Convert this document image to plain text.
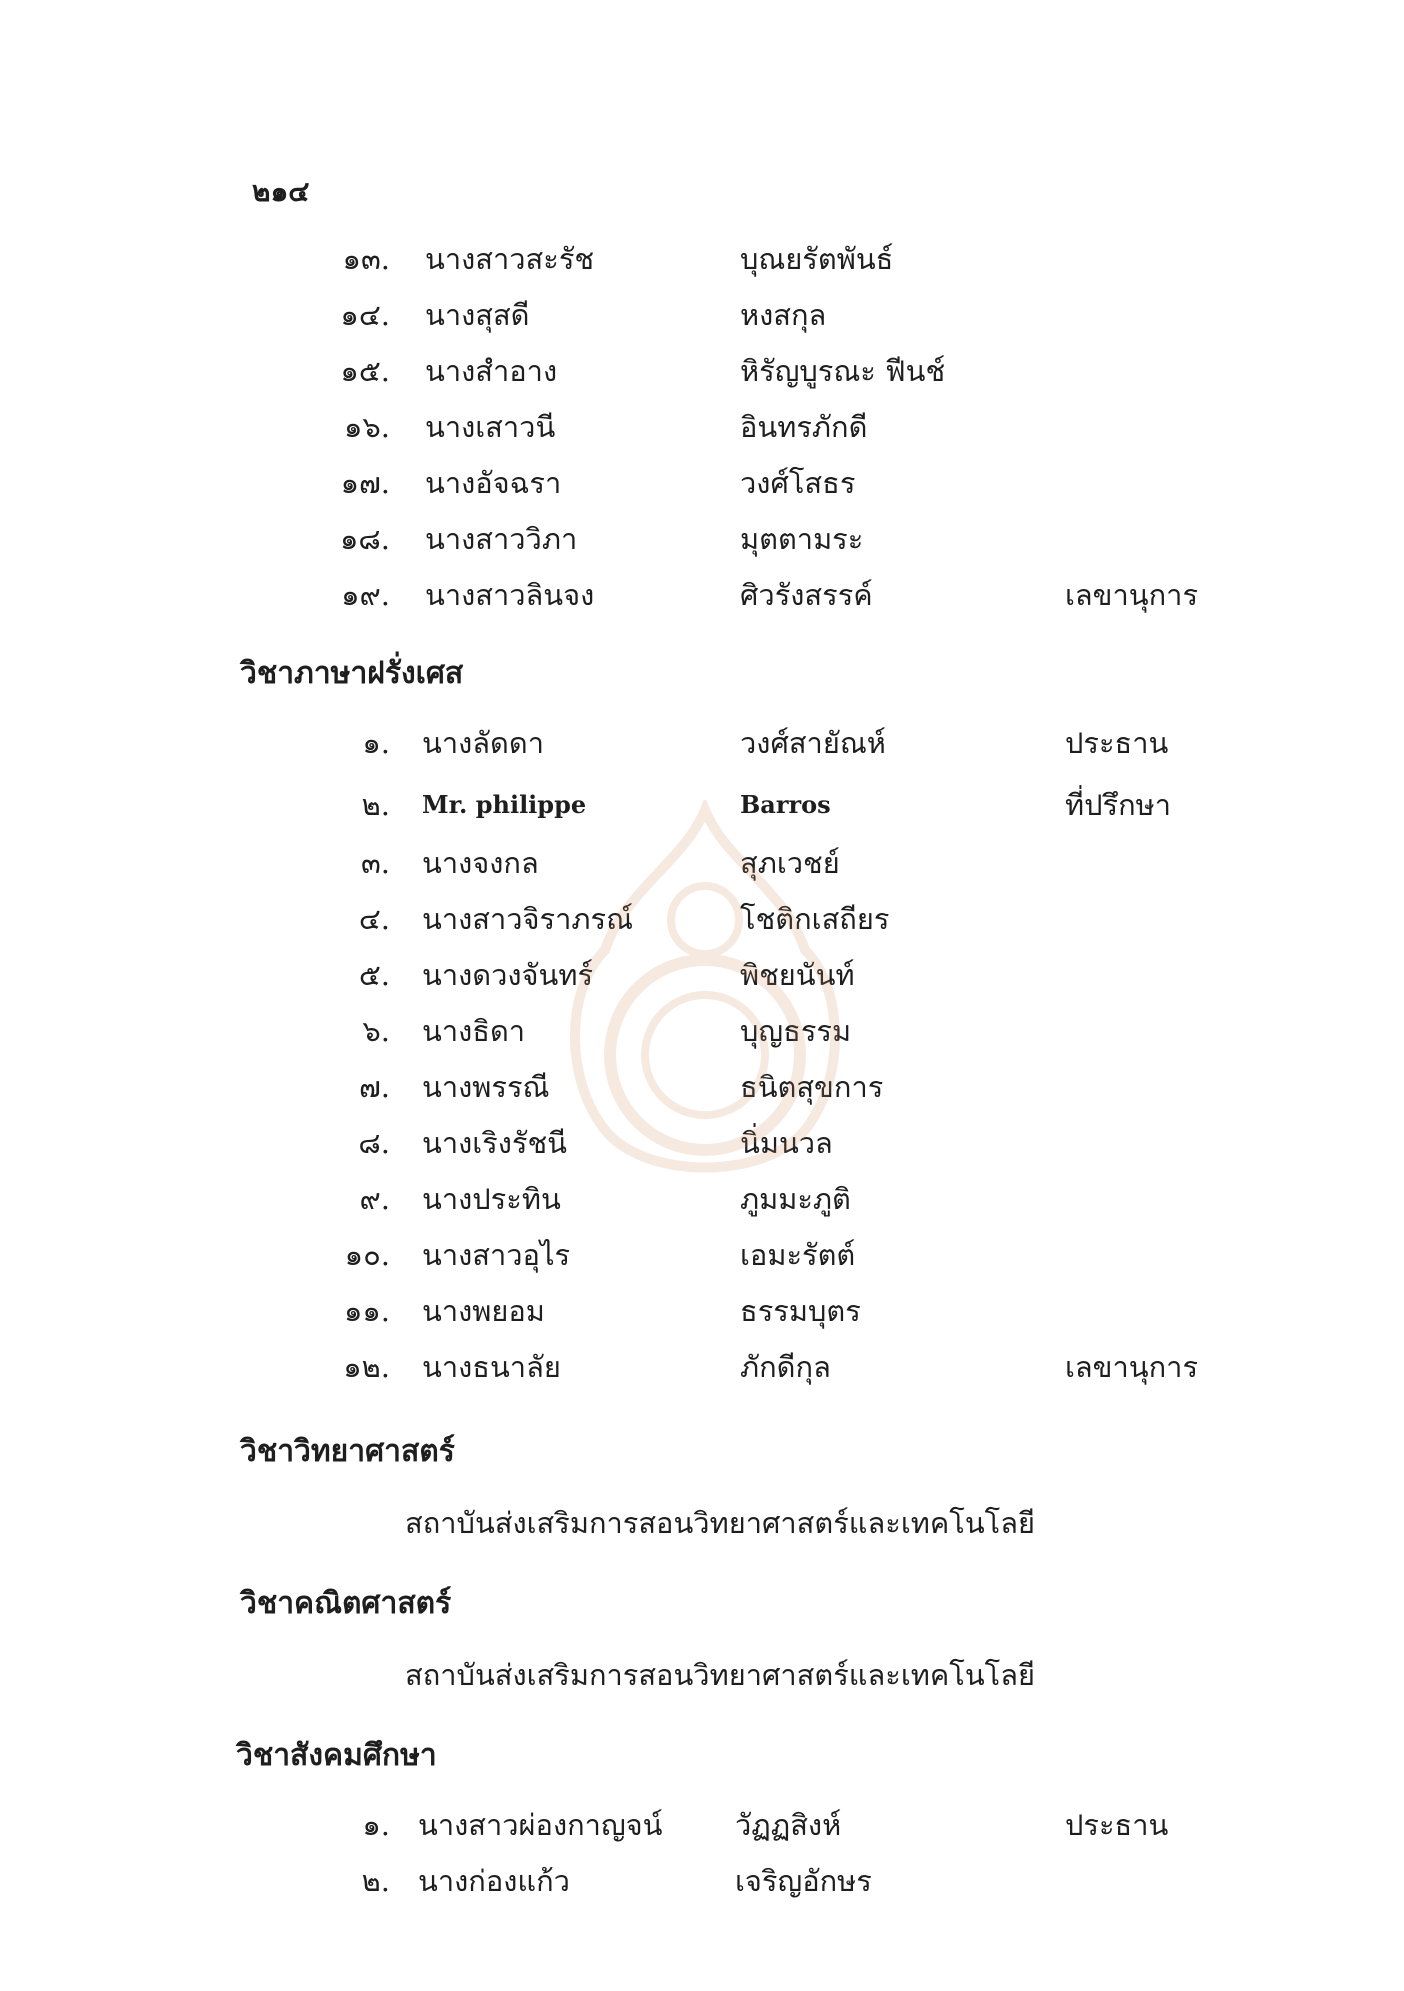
๒๑๔
๑๓. นางสาวสะรัช	บุณยรัตพันธ์
๑๔. นางสุสดี	หงสกุล
๑๕. นางสำอาง	หิรัญบูรณะ ฟีนช์
๑๖. นางเสาวนี	อินทรภักดี
๑๗. นางอัจฉรา	วงศ์โสธร
๑๘. นางสาววิภา	มุตตามระ
๑๙. นางสาวลินจง	ศิวรังสรรค์	เลขานุการ
วิชาภาษาฝรั่งเศส
๑. นางลัดดา	วงศ์สายัณห์	ประธาน
๒. Mr. philippe	Barros	ที่ปรึกษา
๓. นางจงกล	สุภเวชย์
๔. นางสาวจิราภรณ์	โชติกเสถียร
๕. นางดวงจันทร์	พิชยนันท์
๖. นางธิดา	บุญธรรม
๗. นางพรรณี	ธนิตสุขการ
๘. นางเริงรัชนี	นิ่มนวล
๙. นางประทิน	ภูมมะภูติ
๑๐. นางสาวอุไร	เอมะรัตต์
๑๑. นางพยอม	ธรรมบุตร
๑๒. นางธนาลัย	ภักดีกุล	เลขานุการ
วิชาวิทยาศาสตร์
สถาบันส่งเสริมการสอนวิทยาศาสตร์และเทคโนโลยี
วิชาคณิตศาสตร์
สถาบันส่งเสริมการสอนวิทยาศาสตร์และเทคโนโลยี
วิชาสังคมศึกษา
๑. นางสาวผ่องกาญจน์	วัฏฏสิงห์	ประธาน
๒. นางก่องแก้ว	เจริญอักษร
